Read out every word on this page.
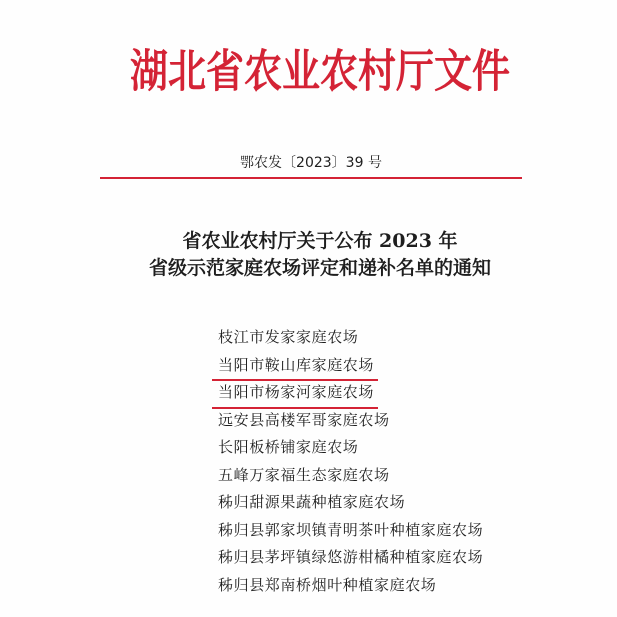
湖北省农业农村厅文件
鄂农发〔2023〕39 号
省农业农村厅关于公布 2023 年
省级示范家庭农场评定和递补名单的通知
枝江市发家家庭农场
当阳市鞍山库家庭农场
当阳市杨家河家庭农场
远安县高楼军哥家庭农场
长阳板桥铺家庭农场
五峰万家福生态家庭农场
秭归甜源果蔬种植家庭农场
秭归县郭家坝镇青明茶叶种植家庭农场
秭归县茅坪镇绿悠游柑橘种植家庭农场
秭归县郑南桥烟叶种植家庭农场
